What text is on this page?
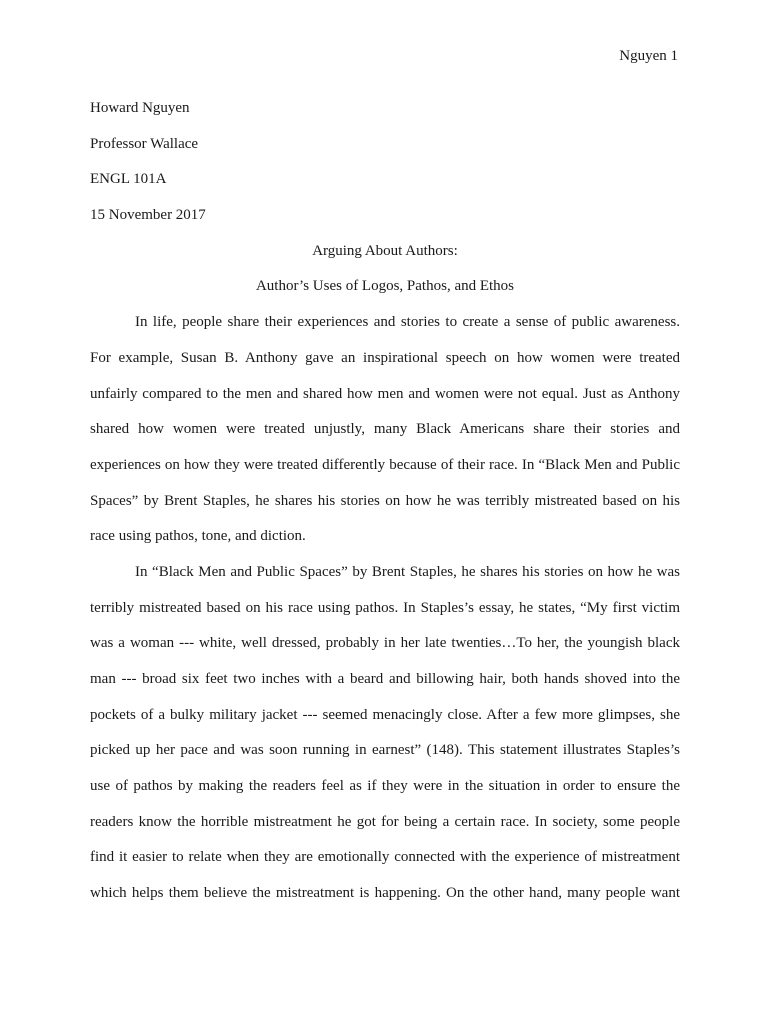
Nguyen 1
Howard Nguyen
Professor Wallace
ENGL 101A
15 November 2017
Arguing About Authors:
Author’s Uses of Logos, Pathos, and Ethos
In life, people share their experiences and stories to create a sense of public awareness.
For example, Susan B. Anthony gave an inspirational speech on how women were treated
unfairly compared to the men and shared how men and women were not equal. Just as Anthony
shared how women were treated unjustly, many Black Americans share their stories and
experiences on how they were treated differently because of their race. In “Black Men and Public
Spaces” by Brent Staples, he shares his stories on how he was terribly mistreated based on his
race using pathos, tone, and diction.
In “Black Men and Public Spaces” by Brent Staples, he shares his stories on how he was
terribly mistreated based on his race using pathos. In Staples’s essay, he states, “My first victim
was a woman --- white, well dressed, probably in her late twenties…To her, the youngish black
man --- broad six feet two inches with a beard and billowing hair, both hands shoved into the
pockets of a bulky military jacket --- seemed menacingly close. After a few more glimpses, she
picked up her pace and was soon running in earnest” (148). This statement illustrates Staples’s
use of pathos by making the readers feel as if they were in the situation in order to ensure the
readers know the horrible mistreatment he got for being a certain race. In society, some people
find it easier to relate when they are emotionally connected with the experience of mistreatment
which helps them believe the mistreatment is happening. On the other hand, many people want
